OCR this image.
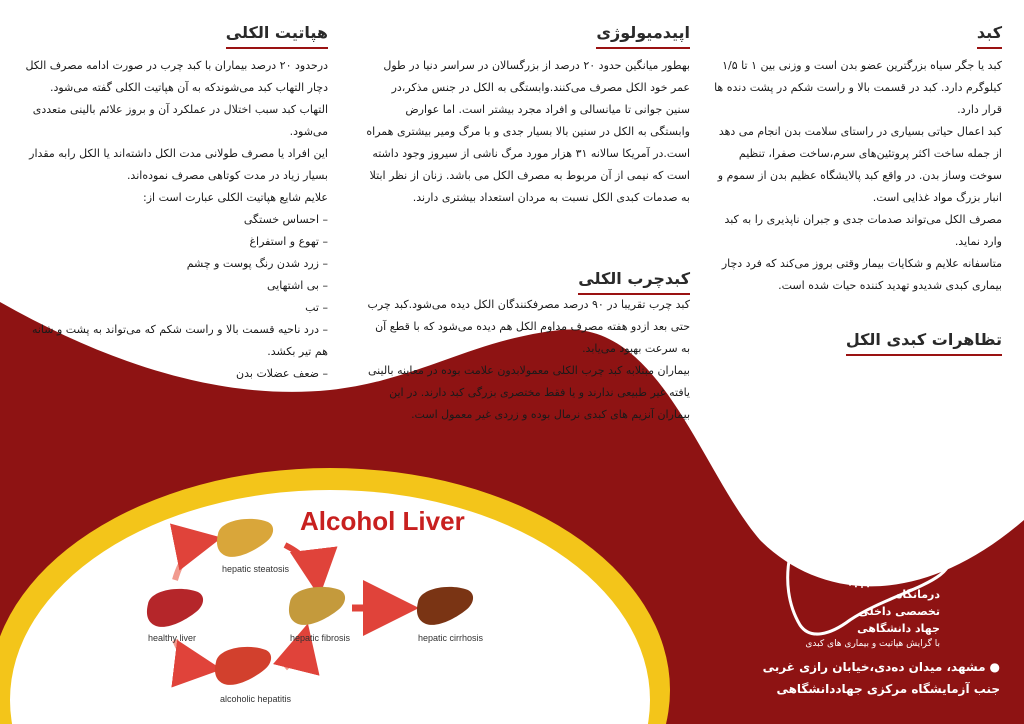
کبد

کبد یا جگر سیاه بزرگترین عضو بدن است و وزنی بین ۱ تا ۱/۵ کیلوگرم دارد. کبد در قسمت بالا و راست شکم در پشت دنده ها قرار دارد.

کبد اعمال حیاتی بسیاری در راستای سلامت بدن انجام می دهد از جمله ساخت اکثر پروتئین‌های سرم،ساخت صفرا، تنظیم سوخت وساز بدن. در واقع کبد پالایشگاه عظیم بدن از سموم و انبار بزرگ مواد غذایی است.

مصرف الکل می‌تواند صدمات جدی و جبران ناپذیری را به کبد وارد نماید.

متاسفانه علایم و شکایات بیمار وقتی بروز می‌کند که فرد دچار بیماری کبدی شدیدو تهدید کننده حیات شده است.

تظاهرات کبدی الکل

مصرف الکل می‌تواندهمراه با طیفی از تظاهرات کبدی باشد.

– کبد چرب الکلی
– هپاتیت الکلی
– سیروز شکمی(تنبلی کبد و آب آوردن شکم)
– سرطان کبد
اپیدمیولوژی

بهطور میانگین حدود ۲۰ درصد از بزرگسالان در سراسر دنیا در طول عمر خود الکل مصرف می‌کنند.وابستگی به الکل در جنس مذکر،در سنین جوانی تا میانسالی و افراد مجرد بیشتر است. اما عوارض وابستگی به الکل در سنین بالا بسیار جدی و با مرگ ومیر بیشتری همراه است.در آمریکا سالانه ۳۱ هزار مورد مرگ ناشی از سیروز وجود داشته است که نیمی از آن مربوط به مصرف الکل می باشد. زنان از نظر ابتلا به صدمات کبدی الکل نسبت به مردان استعداد بیشتری دارند.

کبدچرب الکلی

کبد چرب تقریبا در ۹۰ درصد مصرفکنندگان الکل دیده می‌شود.کبد چرب حتی بعد ازدو هفته مصرف مداوم الکل هم دیده می‌شود که با قطع آن به سرعت بهبود می‌یابد.

بیماران مبتلابه کبد چرب الکلی معمولابدون علامت بوده در معاینه بالینی یافته غیر طبیعی ندارند و یا فقط مختصری بزرگی کبد دارند. در این بیماران آنزیم های کبدی نرمال بوده و زردی غیر معمول است.

هپاتیت الکلی

درحدود ۲۰ درصد بیماران با کبد چرب در صورت ادامه مصرف الکل دچار التهاب کبد می‌شوندکه به آن هپاتیت الکلی گفته می‌شود.

التهاب کبد سبب اختلال در عملکرد آن و بروز علائم بالینی متعددی می‌شود.

این افراد یا مصرف طولانی مدت الکل داشته‌اند یا الکل رابه مقدار بسیار زیاد در مدت کوتاهی مصرف نموده‌اند.

علایم شایع هپاتیت الکلی عبارت است از:

– احساس خستگی
– تهوع و استفراغ
– زرد شدن رنگ پوست و چشم
– بی اشتهایی
– تب
– درد ناحیه قسمت بالا و راست شکم که می‌تواند به پشت و شانه هم تیر بکشد.
– ضعف عضلات بدن
Alcohol Liver
hepatic steatosis
healthy liver	hepatic fibrosis	hepatic cirrhosis
alcoholic hepatitis
درمانگاه
تخصصی داخلی
جهاد دانشگاهی
با گرایش هپاتیت و بیماری های کبدی

●مشهد، میدان ده‌دی،خیابان رازی غربی

جنب آزمایشگاه مرکزی جهاددانشگاهی
